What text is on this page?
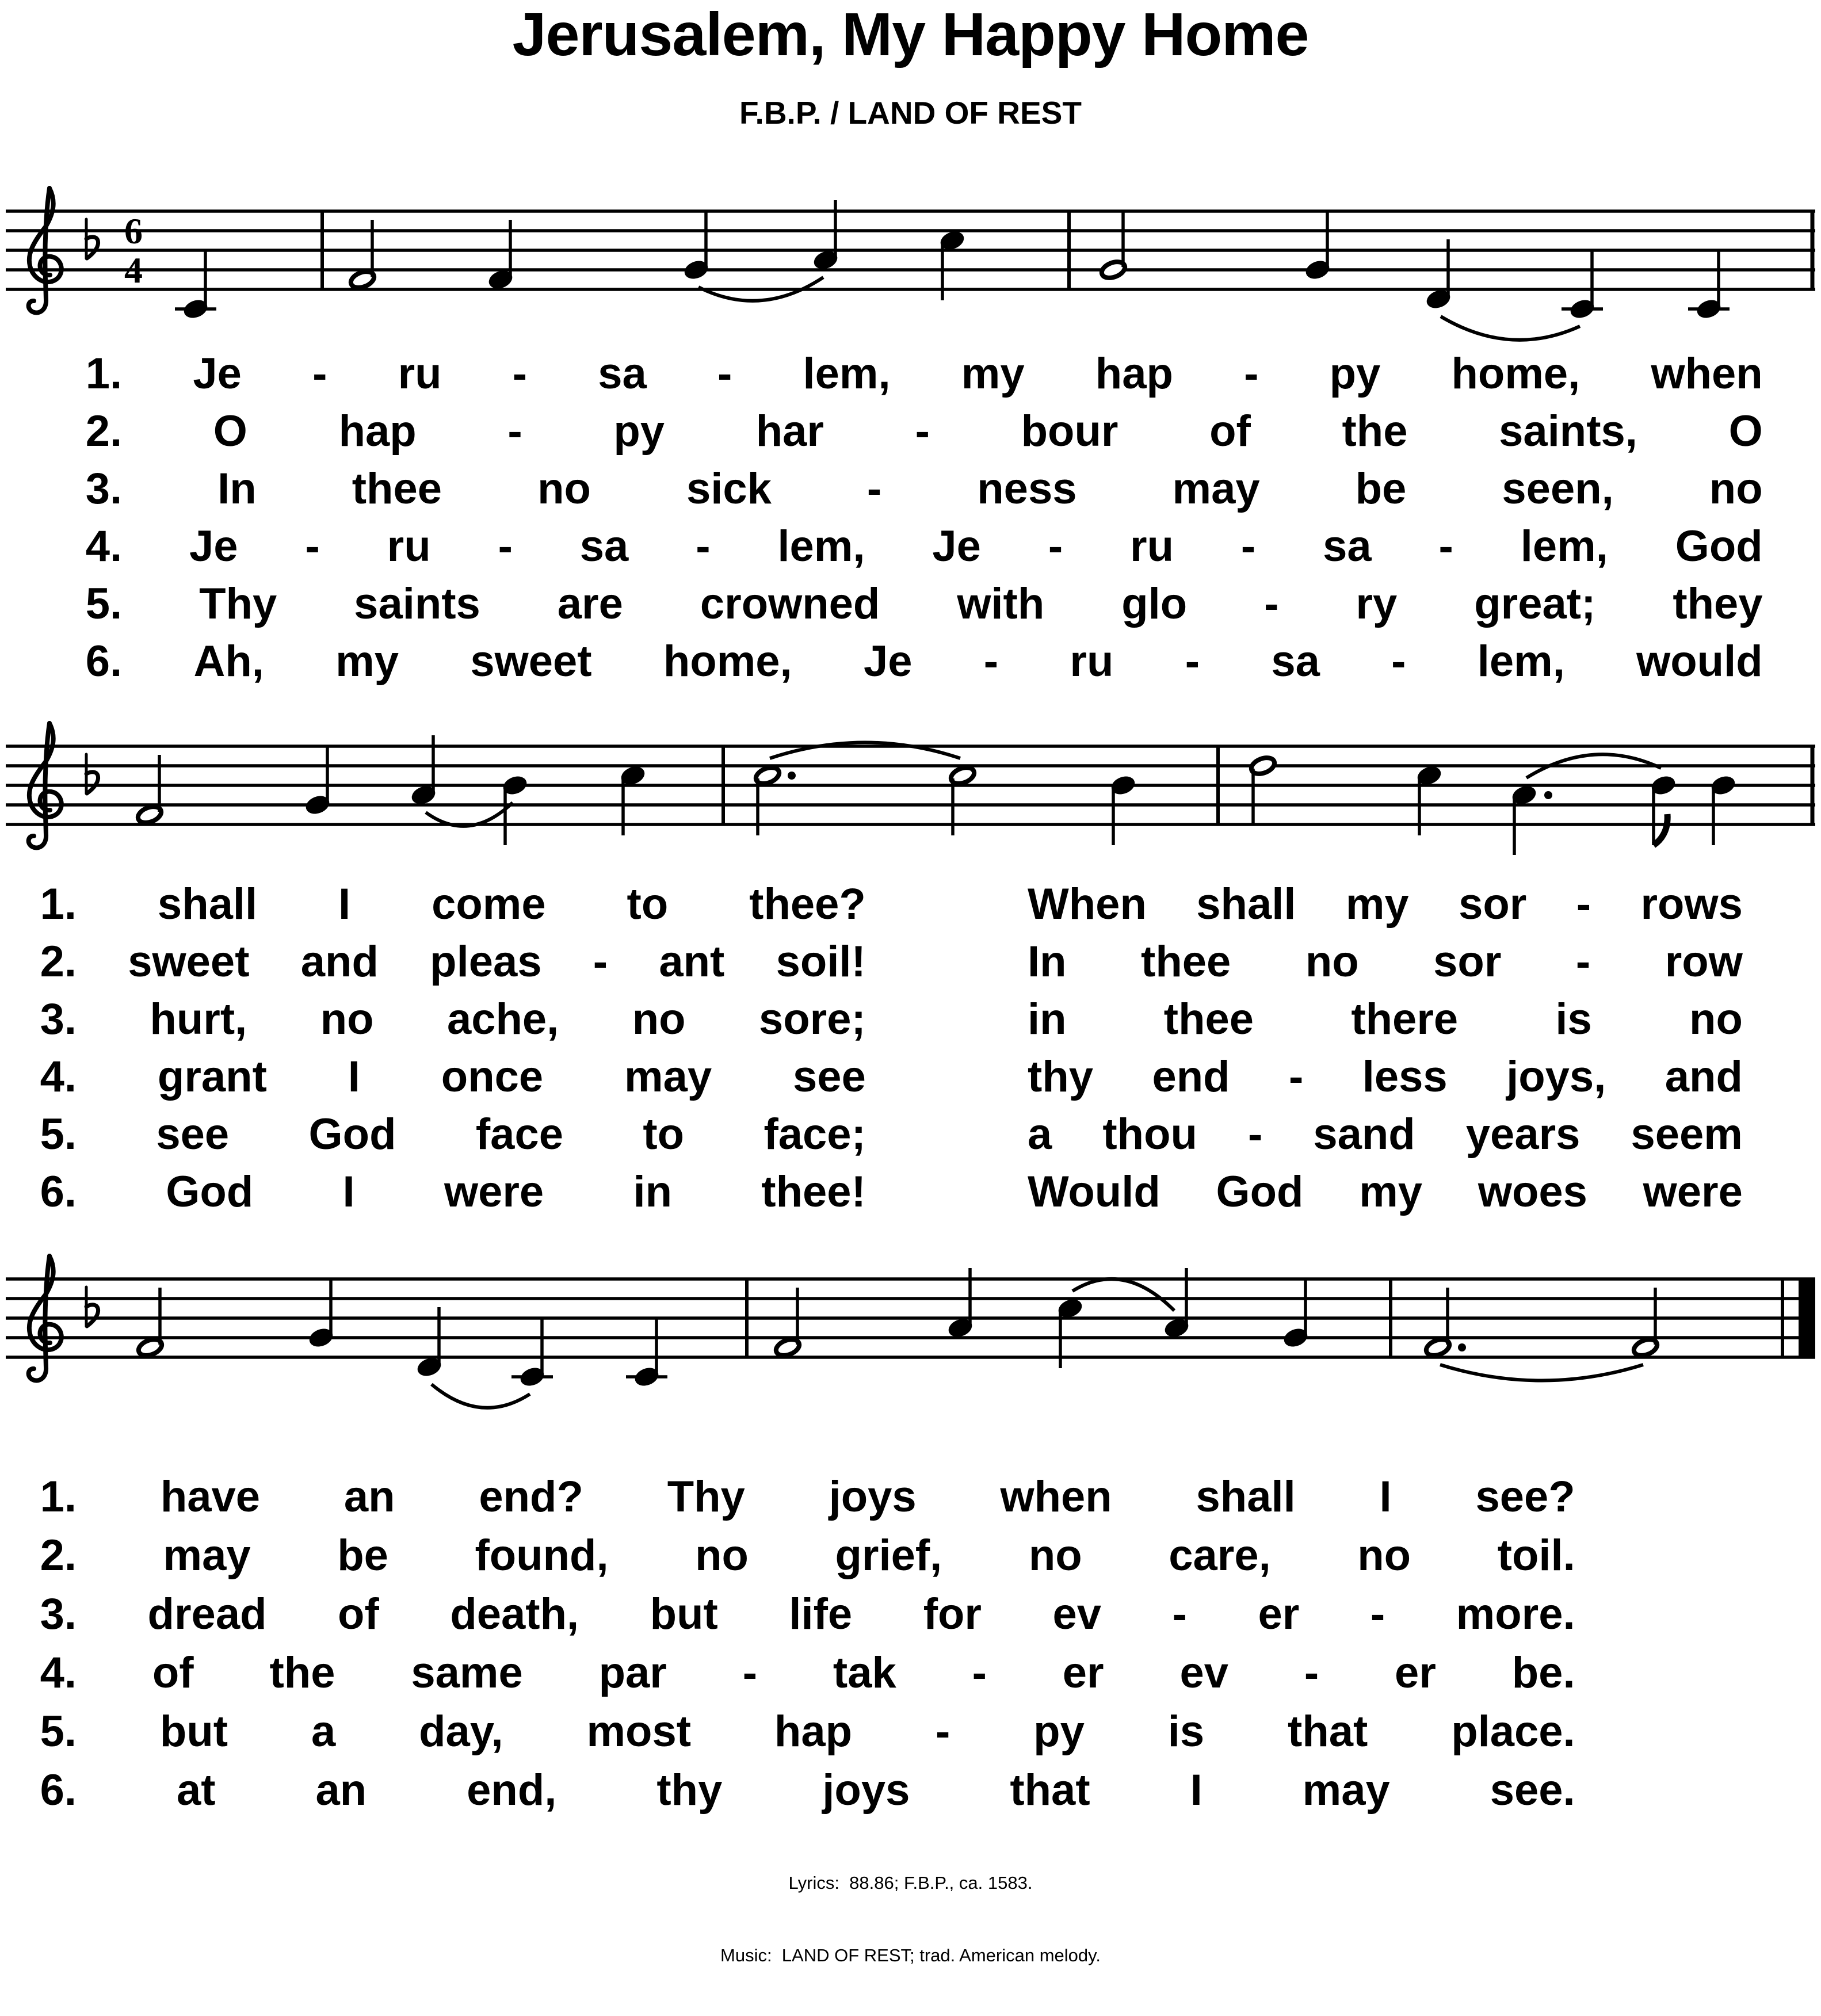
Jerusalem, My Happy Home
F.B.P. / LAND OF REST
6
4

Lyrics:  88.86; F.B.P., ca. 1583.

Music:  LAND OF REST; trad. American melody.

1. Je - ru - sa - lem, my hap - py home, when
2. O hap - py har - bour of the saints, O
3. In thee no sick - ness may be seen, no
4. Je - ru - sa - lem, Je - ru - sa - lem, God
5. Thy saints are crowned with glo - ry great; they
6. Ah, my sweet home, Je - ru - sa - lem, would
1. shall I come to thee?	When shall my sor - rows
2. sweet and pleas - ant soil!	In thee no sor - row
3. hurt, no ache, no sore;	in thee there is no
4. grant I once may see	thy end - less joys, and
5. see God face to face;	a thou - sand years seem
6. God I were in thee!	Would God my woes were
1. have an end? Thy joys when shall I see?
2. may be found, no grief, no care, no toil.
3. dread of death, but life for ev - er - more.
4. of the same par - tak - er ev - er be.
5. but a day, most hap - py is that place.
6. at an end, thy joys that I may see.
